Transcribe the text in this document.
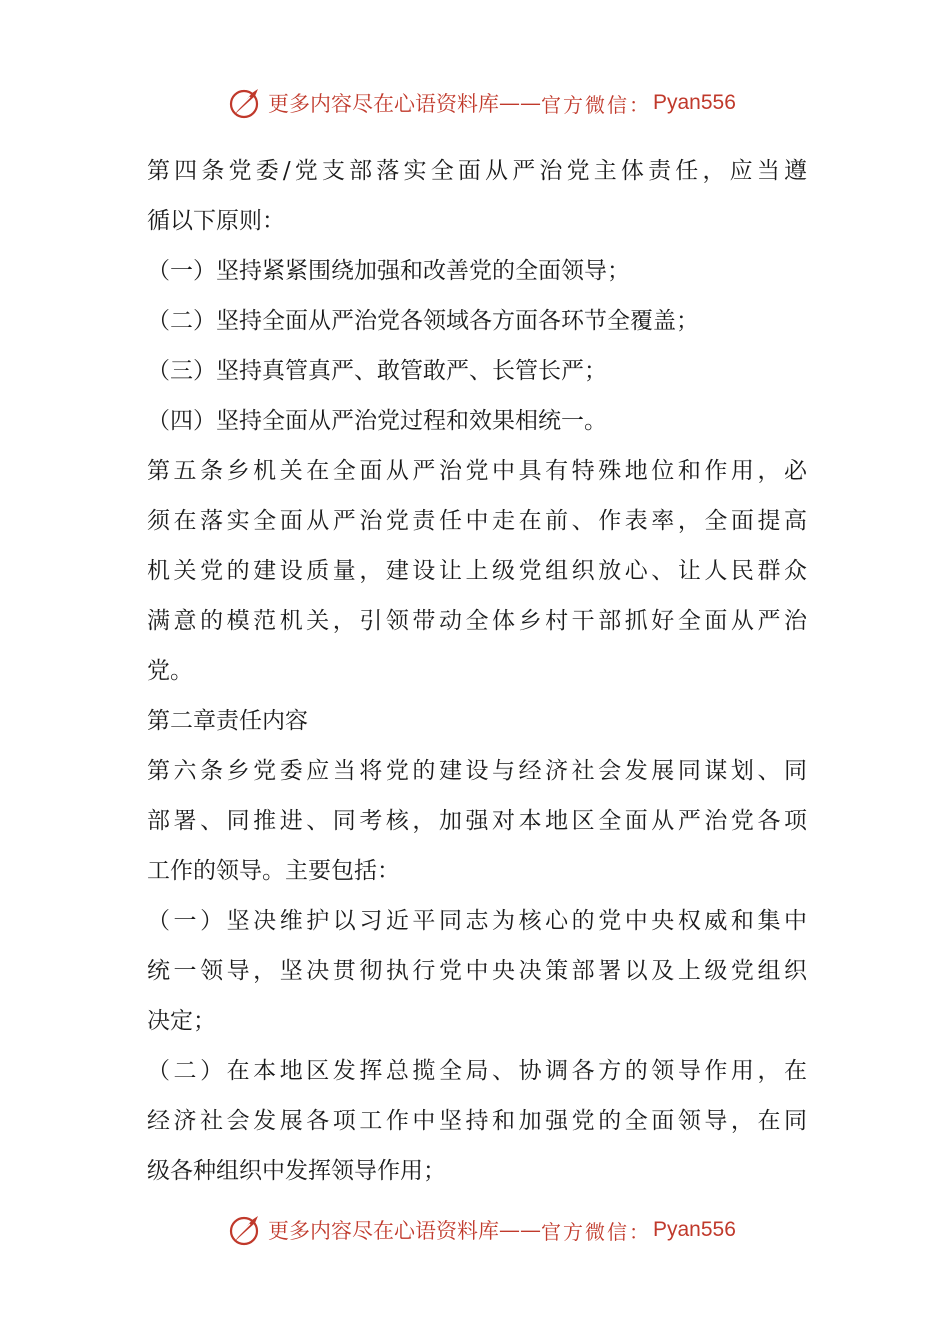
更多内容尽在心语资料库 —— 官方微信： Pyan556
第四条党委/党支部落实全面从严治党主体责任，应当遵
循以下原则：
（一）坚持紧紧围绕加强和改善党的全面领导；
（二）坚持全面从严治党各领域各方面各环节全覆盖；
（三）坚持真管真严、敢管敢严、长管长严；
（四）坚持全面从严治党过程和效果相统一。
第五条乡机关在全面从严治党中具有特殊地位和作用，必
须在落实全面从严治党责任中走在前、作表率，全面提高
机关党的建设质量，建设让上级党组织放心、让人民群众
满意的模范机关，引领带动全体乡村干部抓好全面从严治
党。
第二章责任内容
第六条乡党委应当将党的建设与经济社会发展同谋划、同
部署、同推进、同考核，加强对本地区全面从严治党各项
工作的领导。主要包括：
（一）坚决维护以习近平同志为核心的党中央权威和集中
统一领导，坚决贯彻执行党中央决策部署以及上级党组织
决定；
（二）在本地区发挥总揽全局、协调各方的领导作用，在
经济社会发展各项工作中坚持和加强党的全面领导，在同
级各种组织中发挥领导作用；
更多内容尽在心语资料库 —— 官方微信： Pyan556
